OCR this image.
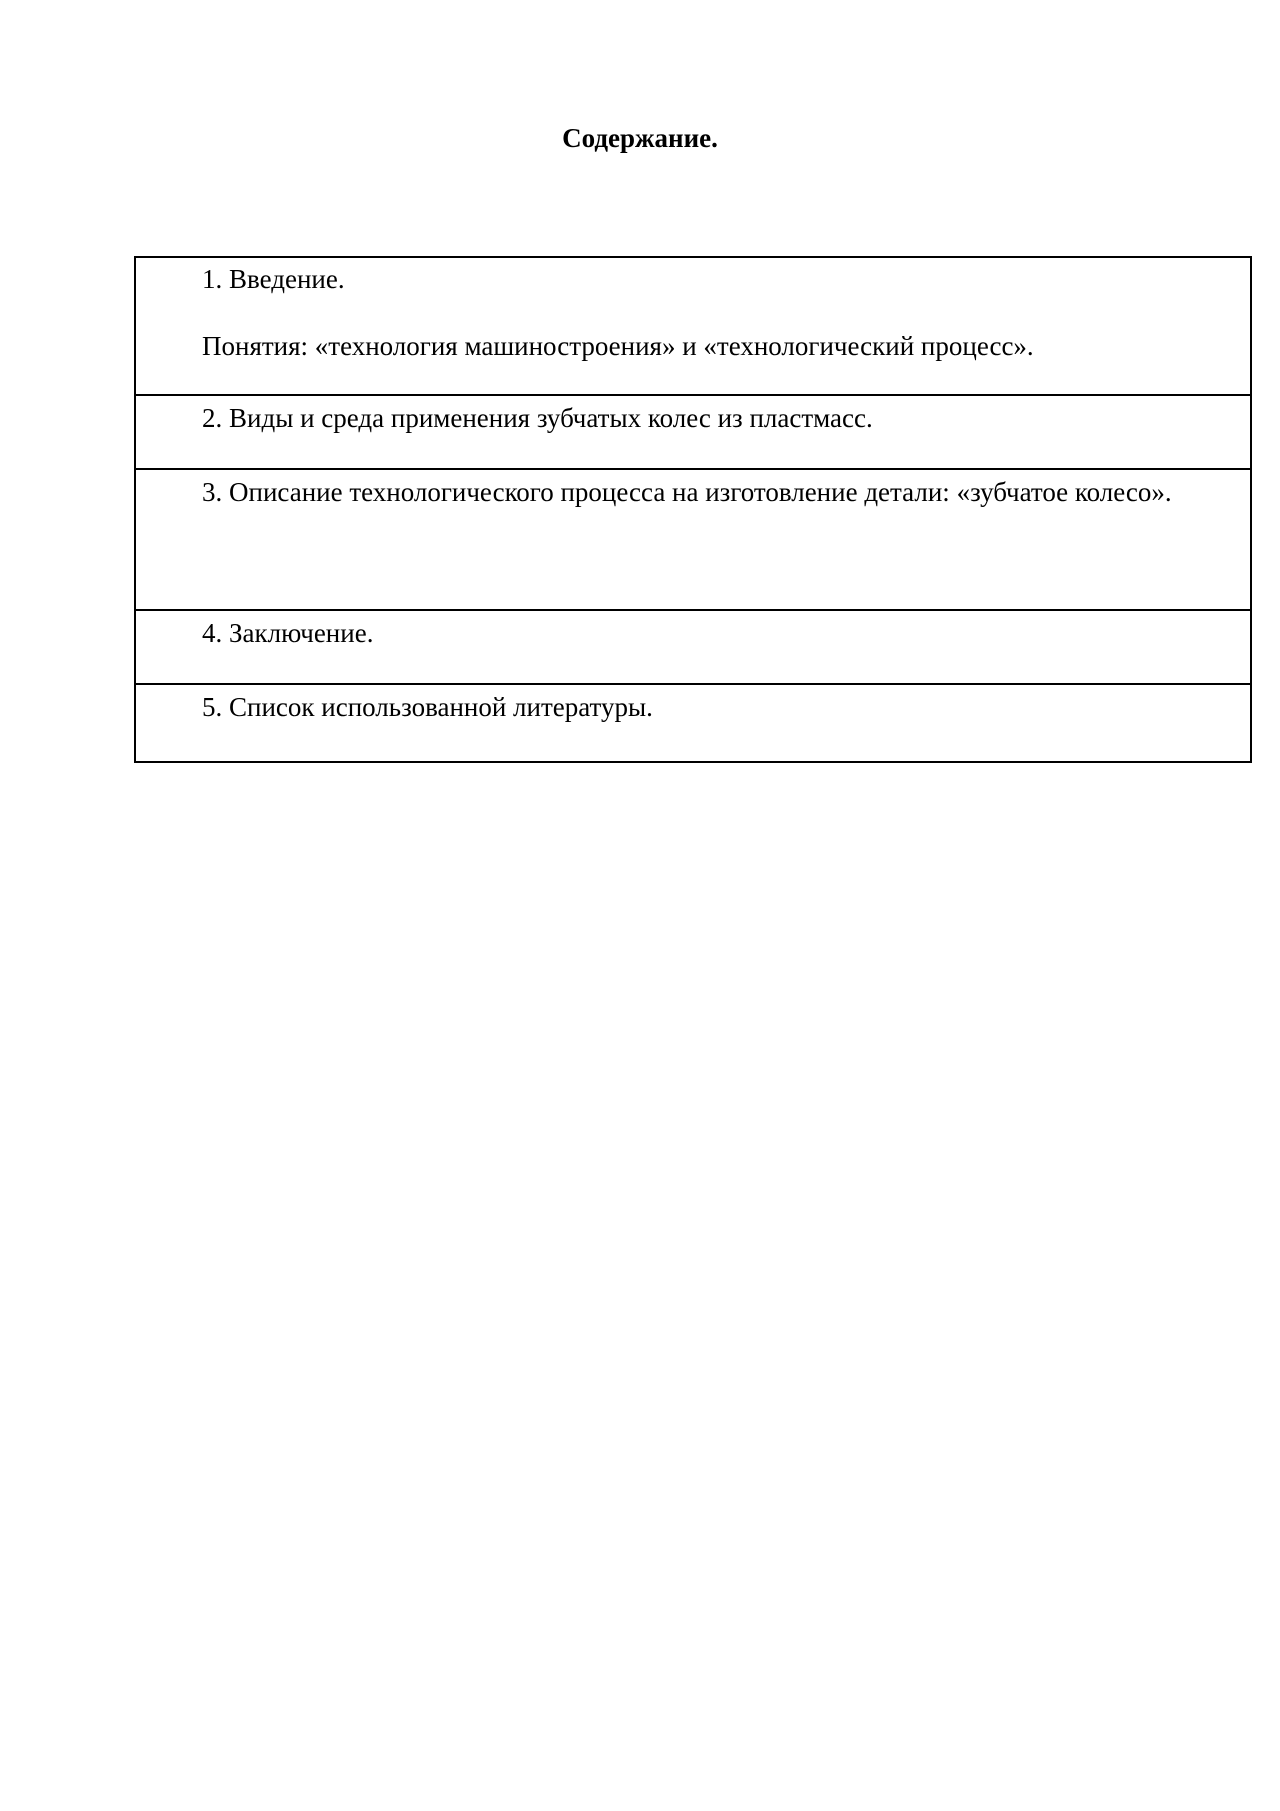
Содержание.

1. Введение.

Понятия: «технология машиностроения» и «технологический процесс».

2. Виды и среда применения зубчатых колес из пластмасс.

3. Описание технологического процесса на изготовление детали: «зубчатое колесо».

4. Заключение.

5. Список использованной литературы.
